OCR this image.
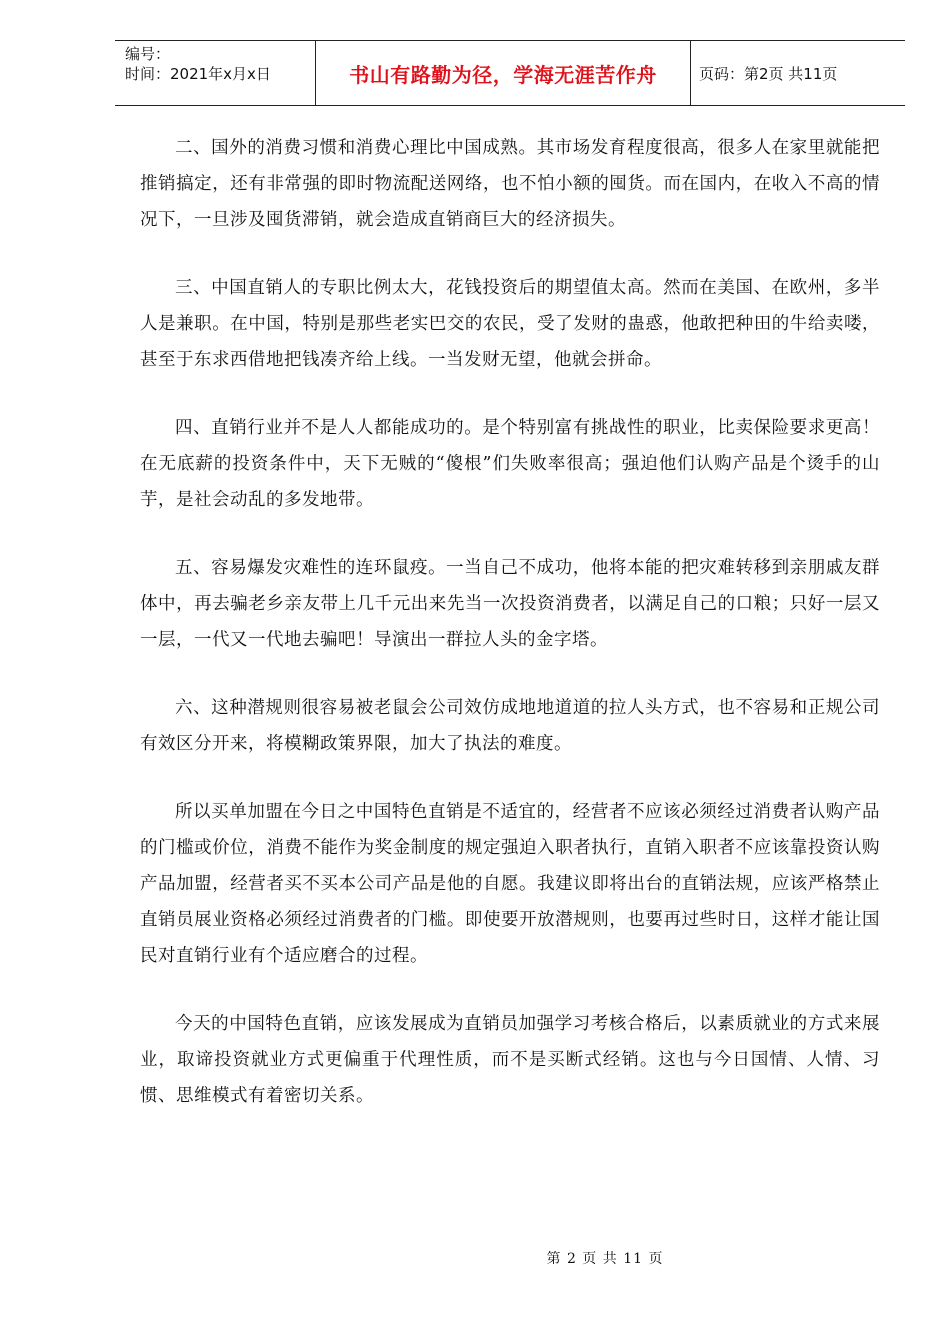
编号：
时间：2021年x月x日	书山有路勤为径，学海无涯苦作舟	页码：第2页 共11页

二、国外的消费习惯和消费心理比中国成熟。其市场发育程度很高，很多人在家里就能把推销搞定，还有非常强的即时物流配送网络，也不怕小额的囤货。而在国内，在收入不高的情况下，一旦涉及囤货滞销，就会造成直销商巨大的经济损失。

三、中国直销人的专职比例太大，花钱投资后的期望值太高。然而在美国、在欧州，多半人是兼职。在中国，特别是那些老实巴交的农民，受了发财的蛊惑，他敢把种田的牛给卖喽，甚至于东求西借地把钱凑齐给上线。一当发财无望，他就会拼命。

四、直销行业并不是人人都能成功的。是个特别富有挑战性的职业，比卖保险要求更高！在无底薪的投资条件中，天下无贼的“傻根”们失败率很高；强迫他们认购产品是个烫手的山芋，是社会动乱的多发地带。

五、容易爆发灾难性的连环鼠疫。一当自己不成功，他将本能的把灾难转移到亲朋戚友群体中，再去骗老乡亲友带上几千元出来先当一次投资消费者，以满足自己的口粮；只好一层又一层，一代又一代地去骗吧！导演出一群拉人头的金字塔。

六、这种潜规则很容易被老鼠会公司效仿成地地道道的拉人头方式，也不容易和正规公司有效区分开来，将模糊政策界限，加大了执法的难度。

所以买单加盟在今日之中国特色直销是不适宜的，经营者不应该必须经过消费者认购产品的门槛或价位，消费不能作为奖金制度的规定强迫入职者执行，直销入职者不应该靠投资认购产品加盟，经营者买不买本公司产品是他的自愿。我建议即将出台的直销法规，应该严格禁止直销员展业资格必须经过消费者的门槛。即使要开放潜规则，也要再过些时日，这样才能让国民对直销行业有个适应磨合的过程。

今天的中国特色直销，应该发展成为直销员加强学习考核合格后，以素质就业的方式来展业，取谛投资就业方式更偏重于代理性质，而不是买断式经销。这也与今日国情、人情、习惯、思维模式有着密切关系。

第 2 页 共 11 页
